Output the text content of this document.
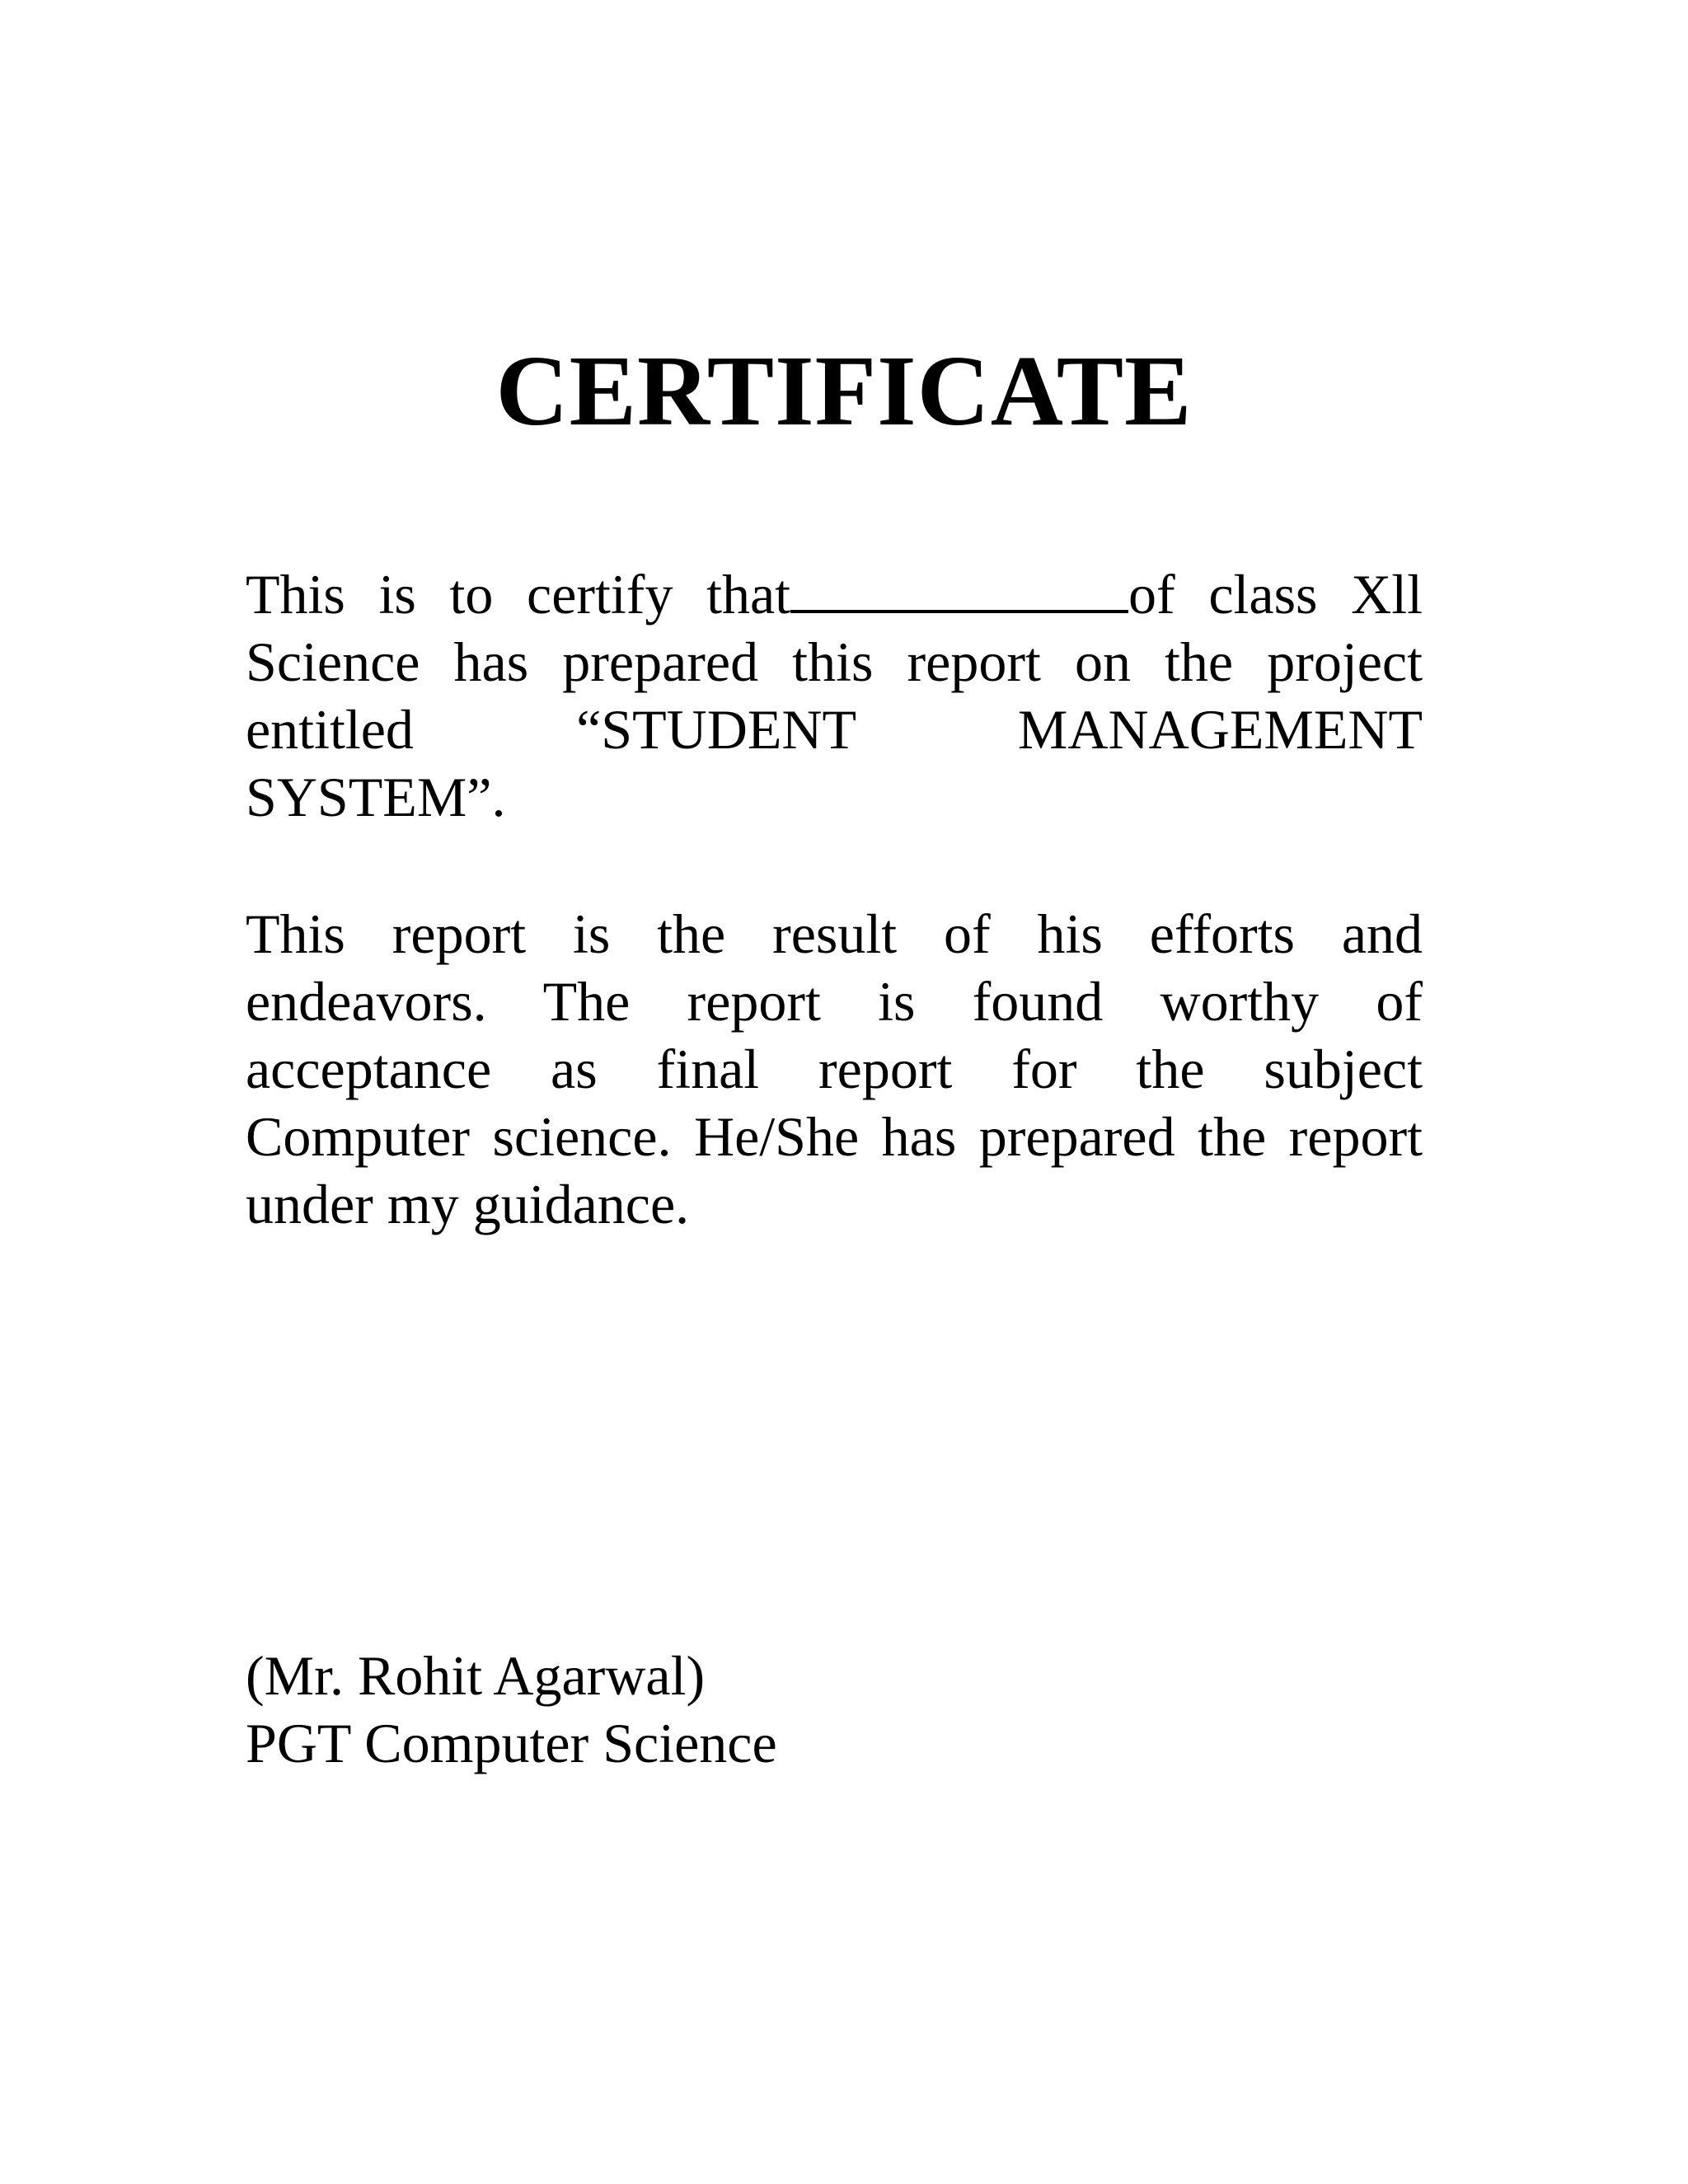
CERTIFICATE
This is to certify that	of class Xll
Science has prepared this report on the project
entitled “STUDENT MANAGEMENT
SYSTEM”.
This report is the result of his efforts and
endeavors. The report is found worthy of
acceptance as final report for the subject
Computer science. He/She has prepared the report
under my guidance.
(Mr. Rohit Agarwal)
PGT Computer Science
